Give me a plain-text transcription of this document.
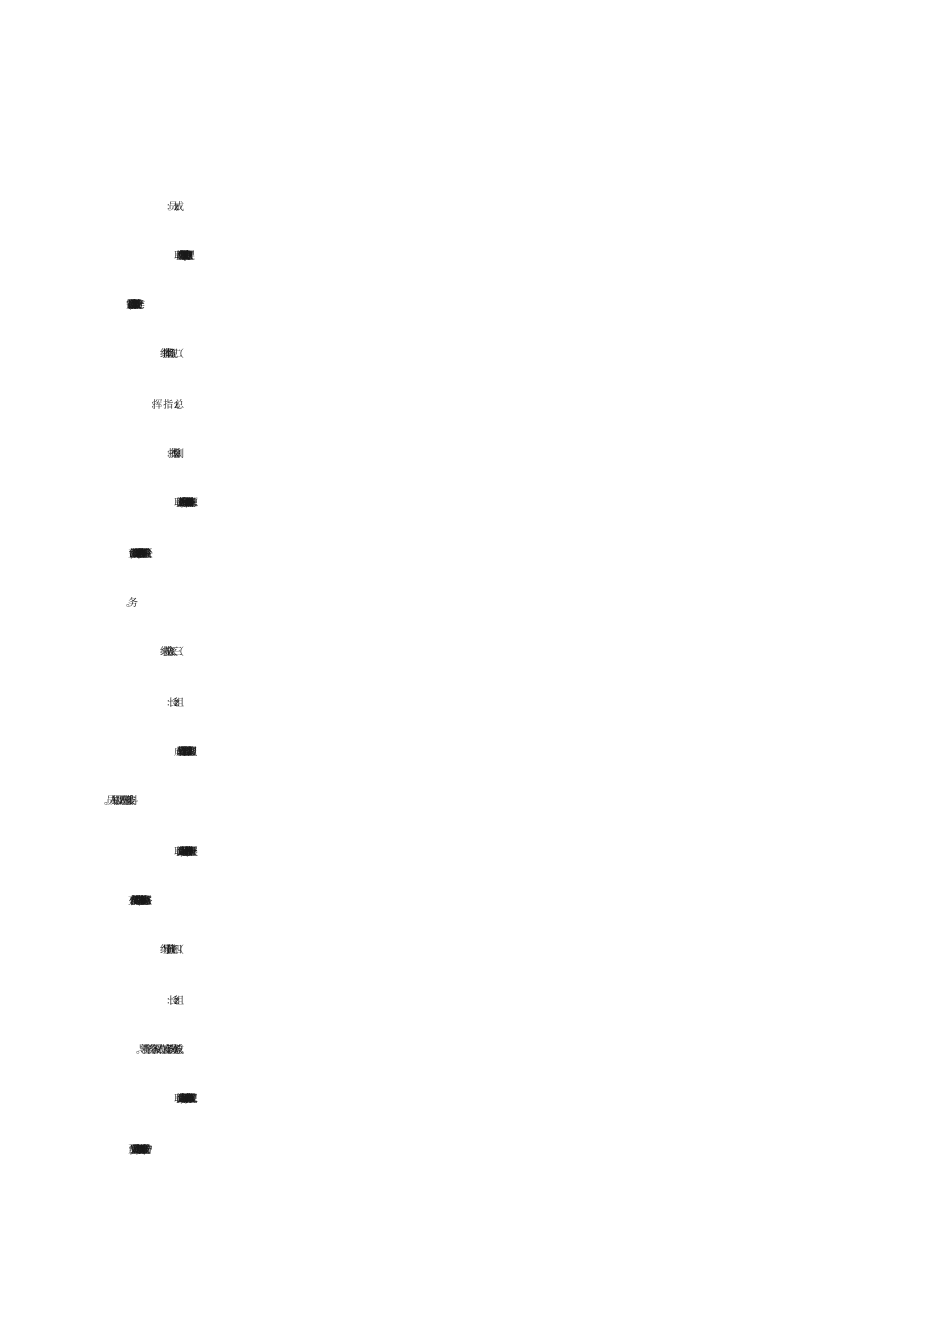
职　　责：培育全体师生员工的火灾防范意识，督促“预防为主，
防治结合“方针的贯彻落实，全面负责我校消防安全工作。
职　　责：下达灭火抢险命令，组织调动人员增援，协调保证水源
正常供给，调动灭火器材、逃命自救装置等，督促各行动组完成抢险任
成　　员：政教室工作人员、学生公寓楼管员、学生公寓治理员、
职　　责：到达火灾现场后，利用现有灭火器材和设施，积极开展
灭火自救；消防人员到达后听从现场领导指挥，主动搞好协调与联络。
职　　责：到达火灾现场后，快速疏通消防通道，疏散围观教职工
及学生，宣传发动、稳定人员心情，引导被围困人员开展自救和防护，
